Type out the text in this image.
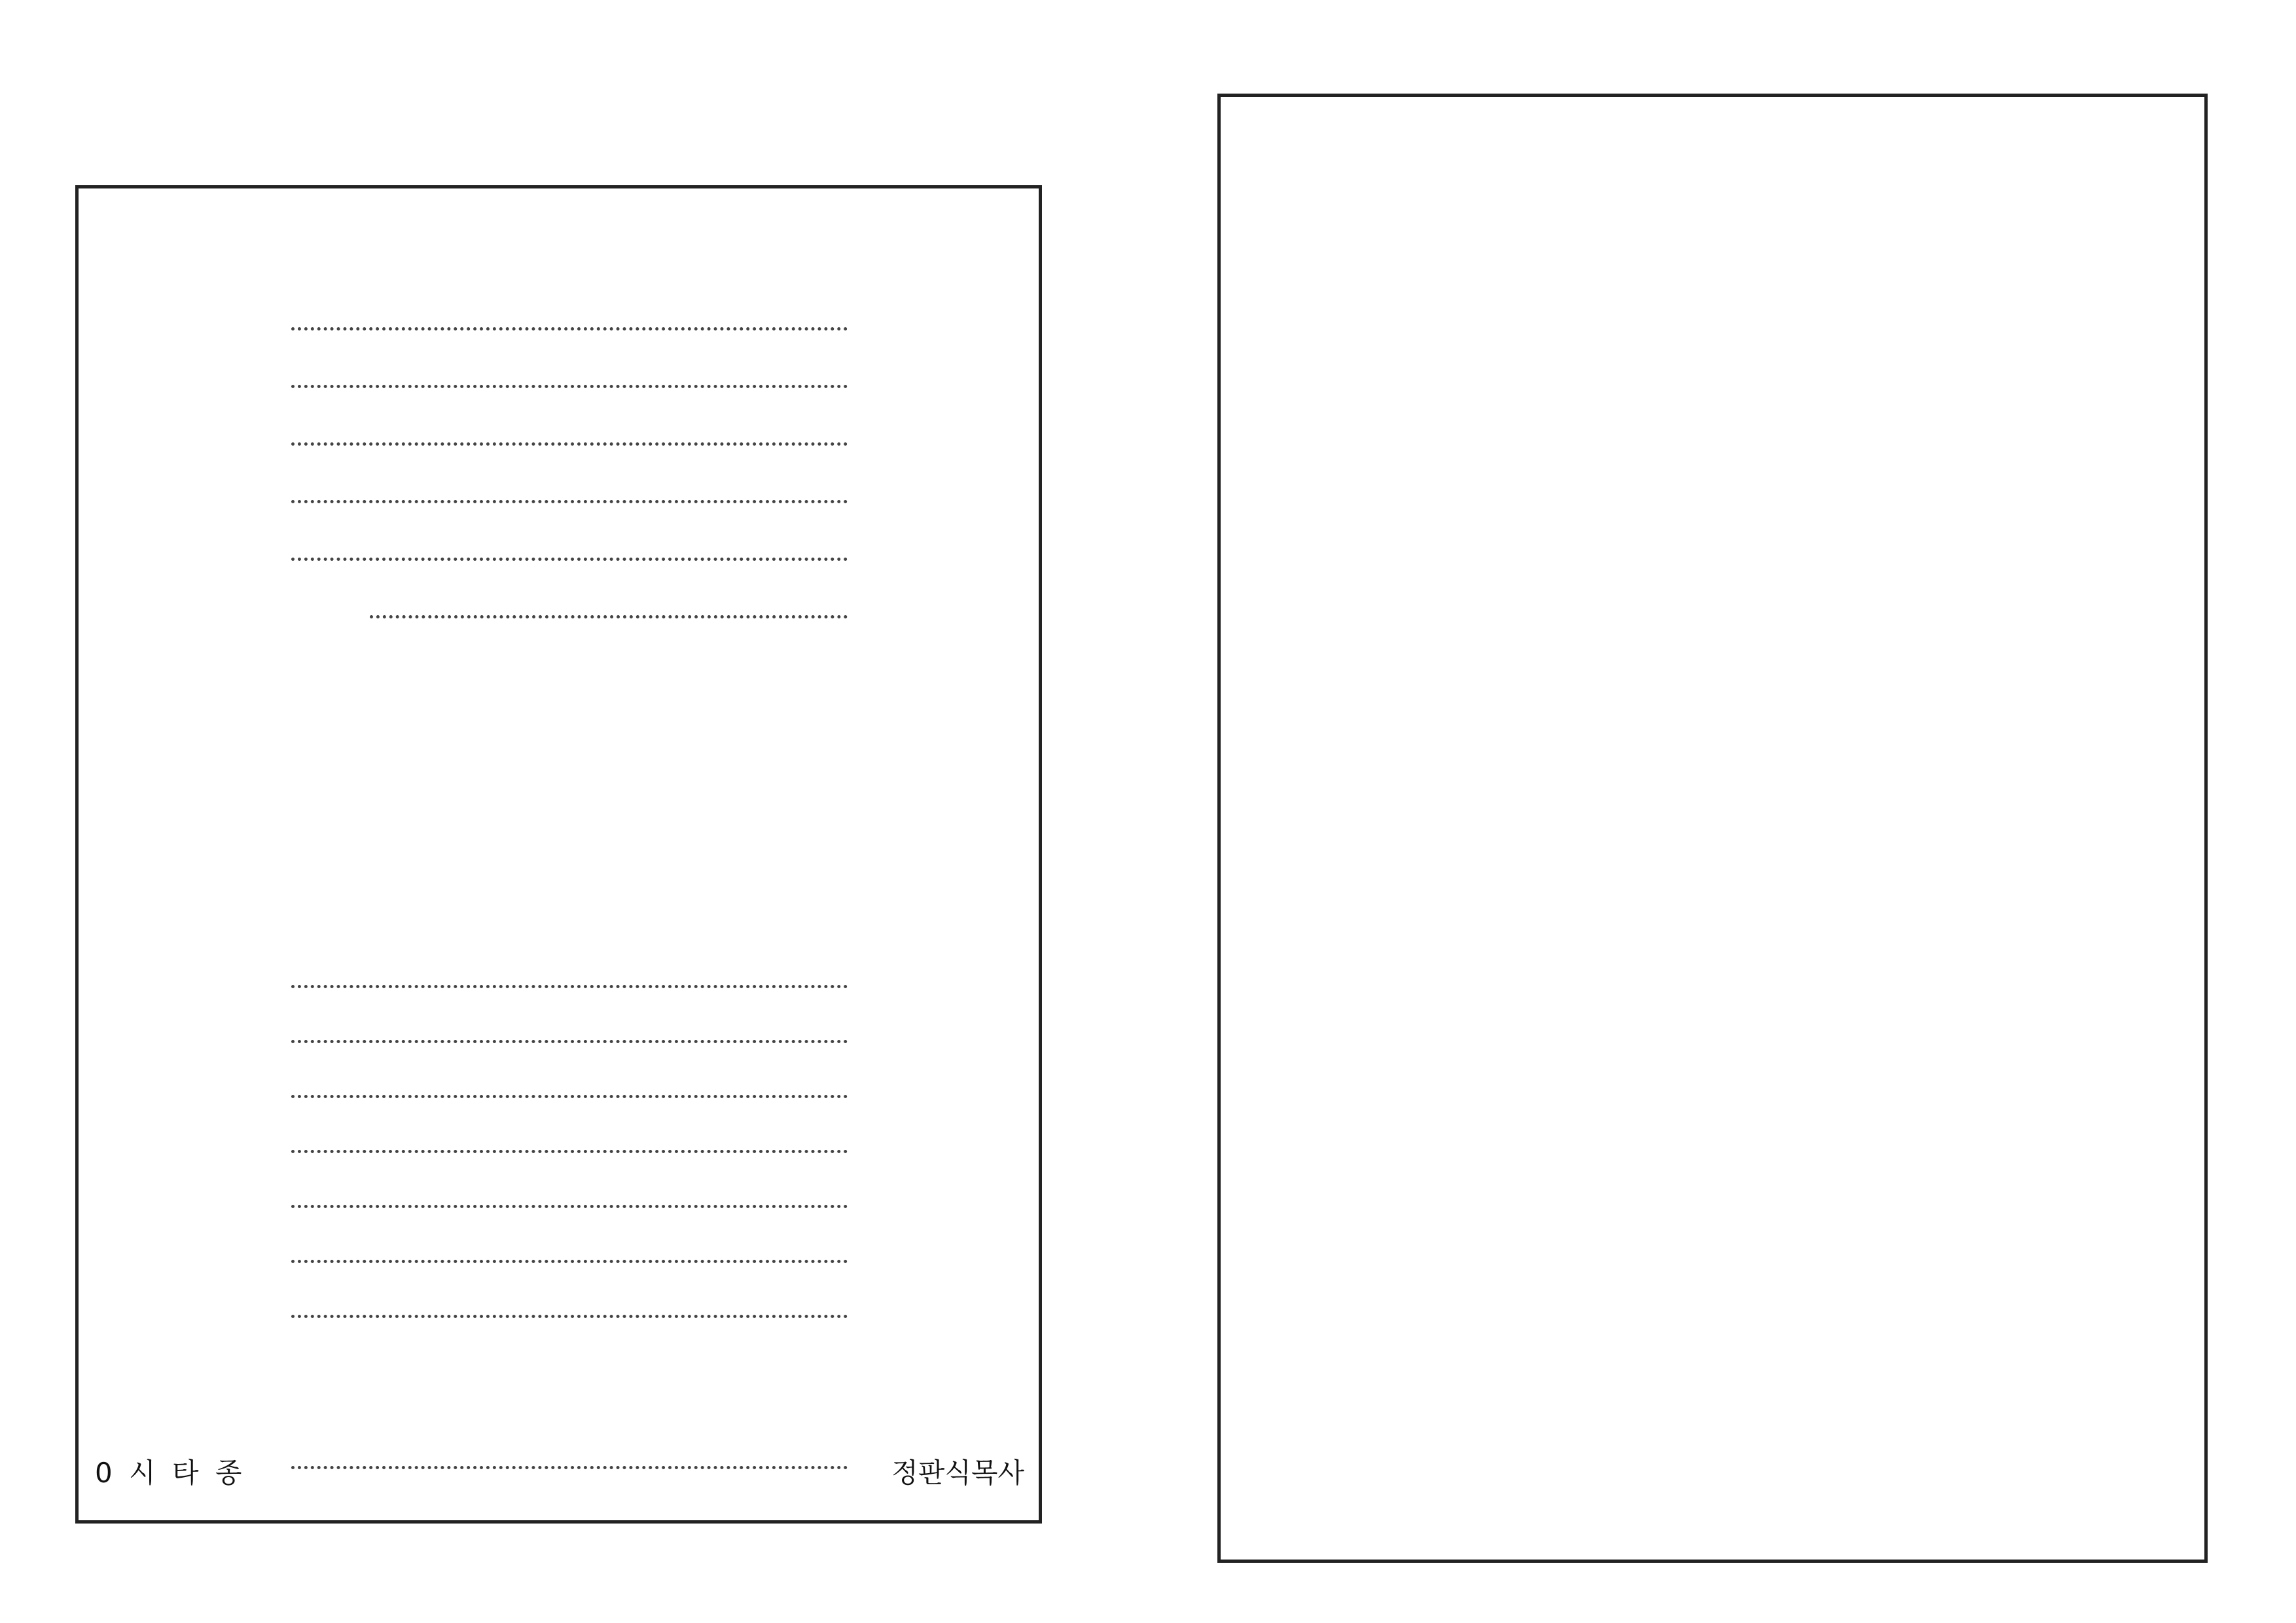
0 시 타 종	정판식목사
